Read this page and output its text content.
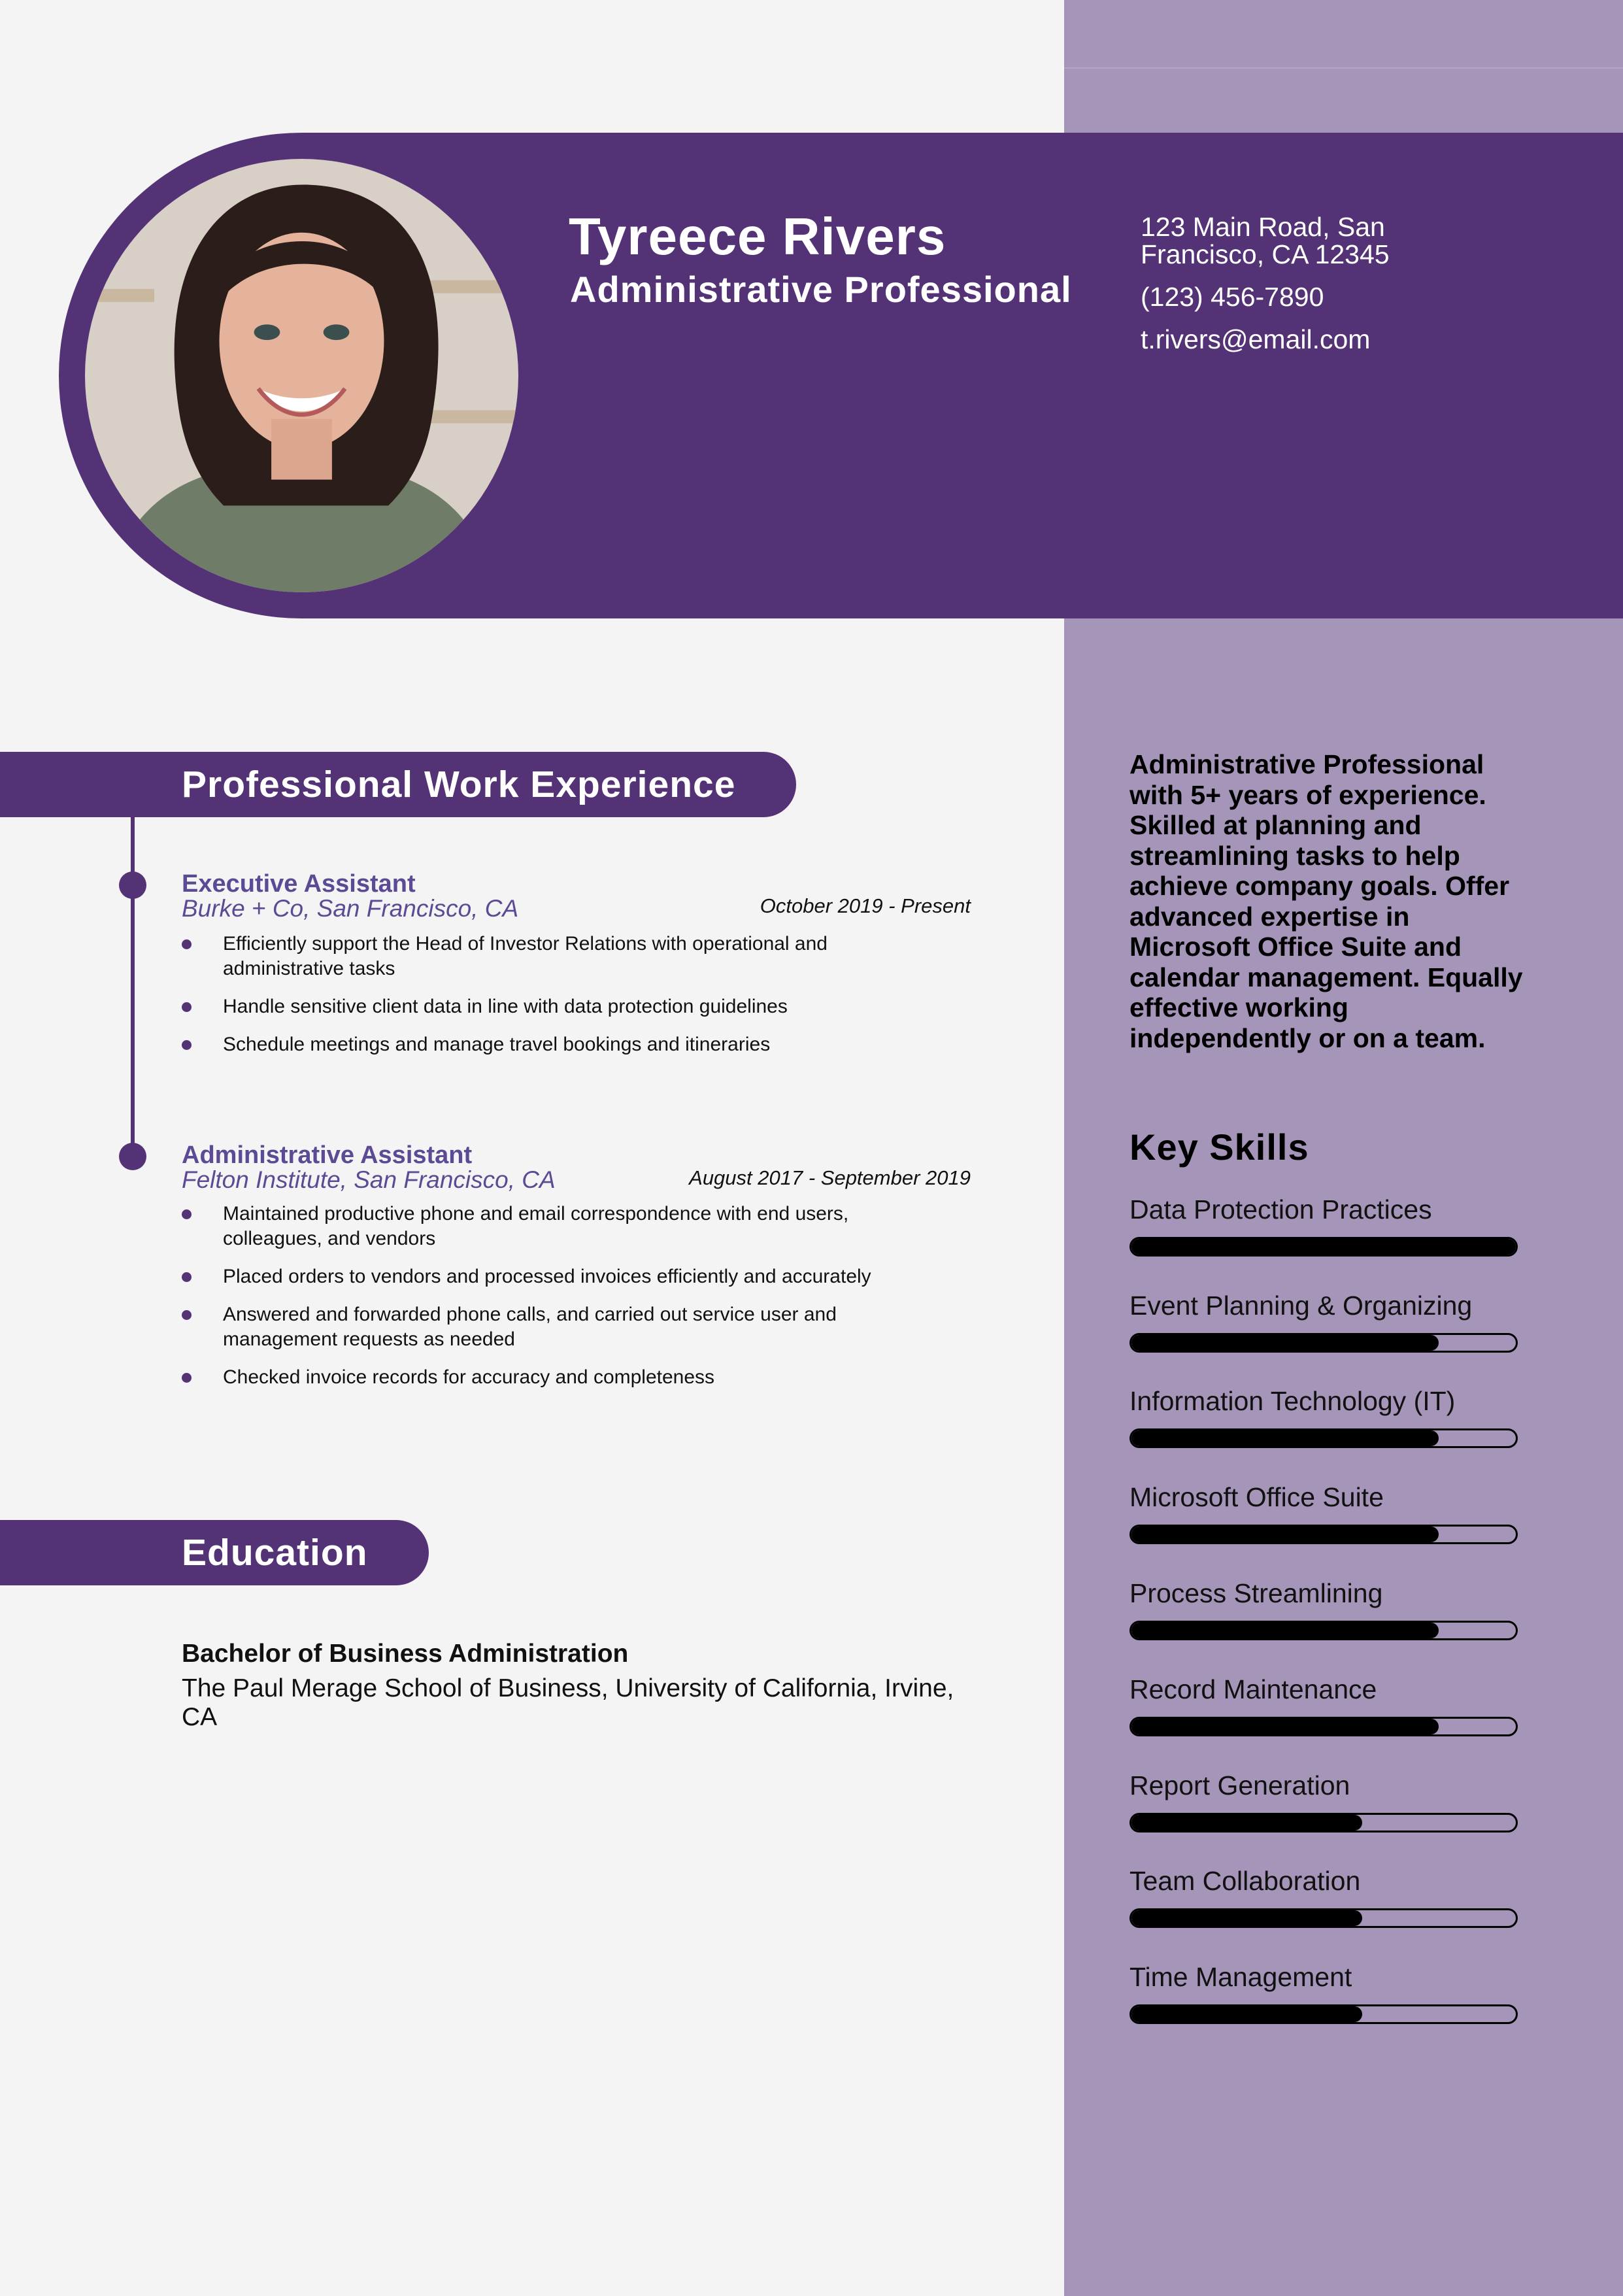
Tyreece Rivers
Administrative Professional
123 Main Road, San Francisco, CA 12345
(123) 456-7890
t.rivers@email.com
Professional Work Experience
Executive Assistant
Burke + Co, San Francisco, CA	October 2019 - Present
Efficiently support the Head of Investor Relations with operational and administrative tasks
Handle sensitive client data in line with data protection guidelines
Schedule meetings and manage travel bookings and itineraries
Administrative Assistant
Felton Institute, San Francisco, CA	August 2017 - September 2019
Maintained productive phone and email correspondence with end users, colleagues, and vendors
Placed orders to vendors and processed invoices efficiently and accurately
Answered and forwarded phone calls, and carried out service user and management requests as needed
Checked invoice records for accuracy and completeness
Education
Bachelor of Business Administration
The Paul Merage School of Business, University of California, Irvine, CA
Administrative Professional with 5+ years of experience. Skilled at planning and streamlining tasks to help achieve company goals. Offer advanced expertise in Microsoft Office Suite and calendar management. Equally effective working independently or on a team.
Key Skills
Data Protection Practices
Event Planning & Organizing
Information Technology (IT)
Microsoft Office Suite
Process Streamlining
Record Maintenance
Report Generation
Team Collaboration
Time Management
